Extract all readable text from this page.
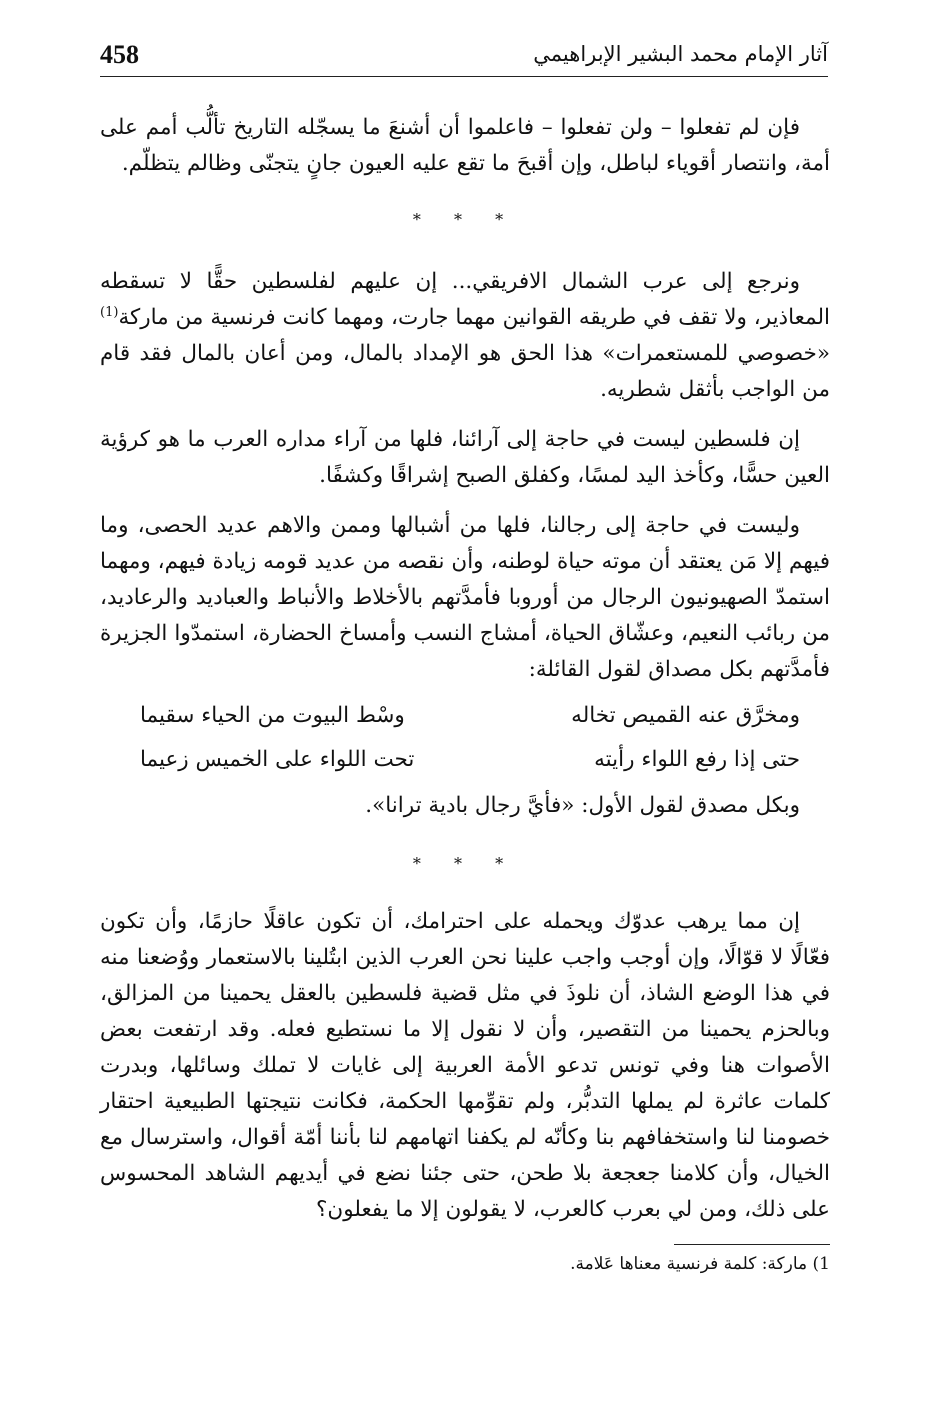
458	آثار الإمام محمد البشير الإبراهيمي

فإن لم تفعلوا – ولن تفعلوا – فاعلموا أن أشنعَ ما يسجّله التاريخ تألُّب أمم على أمة، وانتصار أقوياء لباطل، وإن أقبحَ ما تقع عليه العيون جانٍ يتجنّى وظالم يتظلّم.

* * *

ونرجع إلى عرب الشمال الافريقي... إن عليهم لفلسطين حقًّا لا تسقطه المعاذير، ولا تقف في طريقه القوانين مهما جارت، ومهما كانت فرنسية من ماركة$^{(1)}$ «خصوصي للمستعمرات» هذا الحق هو الإمداد بالمال، ومن أعان بالمال فقد قام من الواجب بأثقل شطريه.

إن فلسطين ليست في حاجة إلى آرائنا، فلها من آراء مداره العرب ما هو كرؤية العين حسًّا، وكأخذ اليد لمسًا، وكفلق الصبح إشراقًا وكشفًا.

وليست في حاجة إلى رجالنا، فلها من أشبالها وممن والاهم عديد الحصى، وما فيهم إلا مَن يعتقد أن موته حياة لوطنه، وأن نقصه من عديد قومه زيادة فيهم، ومهما استمدّ الصهيونيون الرجال من أوروبا فأمدَّتهم بالأخلاط والأنباط والعباديد والرعاديد، من ربائب النعيم، وعشّاق الحياة، أمشاج النسب وأمساخ الحضارة، استمدّوا الجزيرة فأمدَّتهم بكل مصداق لقول القائلة:

ومخرَّق عنه القميص تخاله
وسْط البيوت من الحياء سقيما
حتى إذا رفع اللواء رأيته
تحت اللواء على الخميس زعيما

وبكل مصدق لقول الأول: «فأيَّ رجال بادية ترانا».

* * *

إن مما يرهب عدوّك ويحمله على احترامك، أن تكون عاقلًا حازمًا، وأن تكون فعّالًا لا قوّالًا، وإن أوجب واجب علينا نحن العرب الذين ابتُلينا بالاستعمار ووُضعنا منه في هذا الوضع الشاذ، أن نلوذَ في مثل قضية فلسطين بالعقل يحمينا من المزالق، وبالحزم يحمينا من التقصير، وأن لا نقول إلا ما نستطيع فعله. وقد ارتفعت بعض الأصوات هنا وفي تونس تدعو الأمة العربية إلى غايات لا تملك وسائلها، وبدرت كلمات عاثرة لم يملها التدبُّر، ولم تقوِّمها الحكمة، فكانت نتيجتها الطبيعية احتقار خصومنا لنا واستخفافهم بنا وكأنّه لم يكفنا اتهامهم لنا بأننا أمّة أقوال، واسترسال مع الخيال، وأن كلامنا جعجعة بلا طحن، حتى جئنا نضع في أيديهم الشاهد المحسوس على ذلك، ومن لي بعرب كالعرب، لا يقولون إلا ما يفعلون؟

1) ماركة: كلمة فرنسية معناها عَلامة.
